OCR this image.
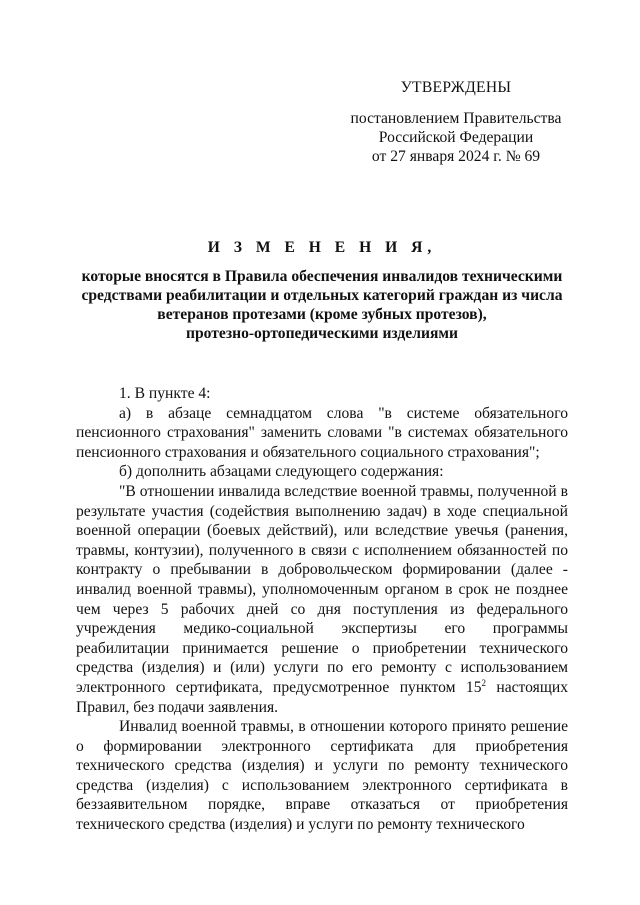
УТВЕРЖДЕНЫ
постановлением Правительства
Российской Федерации
от 27 января 2024 г. № 69
И З М Е Н Е Н И Я,
которые вносятся в Правила обеспечения инвалидов техническими
средствами реабилитации и отдельных категорий граждан из числа
ветеранов протезами (кроме зубных протезов),
протезно-ортопедическими изделиями

1. В пункте 4:

а) в абзаце семнадцатом слова "в системе обязательного пенсионного страхования" заменить словами "в системах обязательного пенсионного страхования и обязательного социального страхования";

б) дополнить абзацами следующего содержания:

"В отношении инвалида вследствие военной травмы, полученной в результате участия (содействия выполнению задач) в ходе специальной военной операции (боевых действий), или вследствие увечья (ранения, травмы, контузии), полученного в связи с исполнением обязанностей по контракту о пребывании в добровольческом формировании (далее - инвалид военной травмы), уполномоченным органом в срок не позднее чем через 5 рабочих дней со дня поступления из федерального учреждения медико-социальной экспертизы его программы реабилитации принимается решение о приобретении технического средства (изделия) и (или) услуги по его ремонту с использованием электронного сертификата, предусмотренное пунктом $15^2$ настоящих Правил, без подачи заявления.

Инвалид военной травмы, в отношении которого принято решение о формировании электронного сертификата для приобретения технического средства (изделия) и услуги по ремонту технического средства (изделия) с использованием электронного сертификата в беззаявительном порядке, вправе отказаться от приобретения технического средства (изделия) и услуги по ремонту технического
